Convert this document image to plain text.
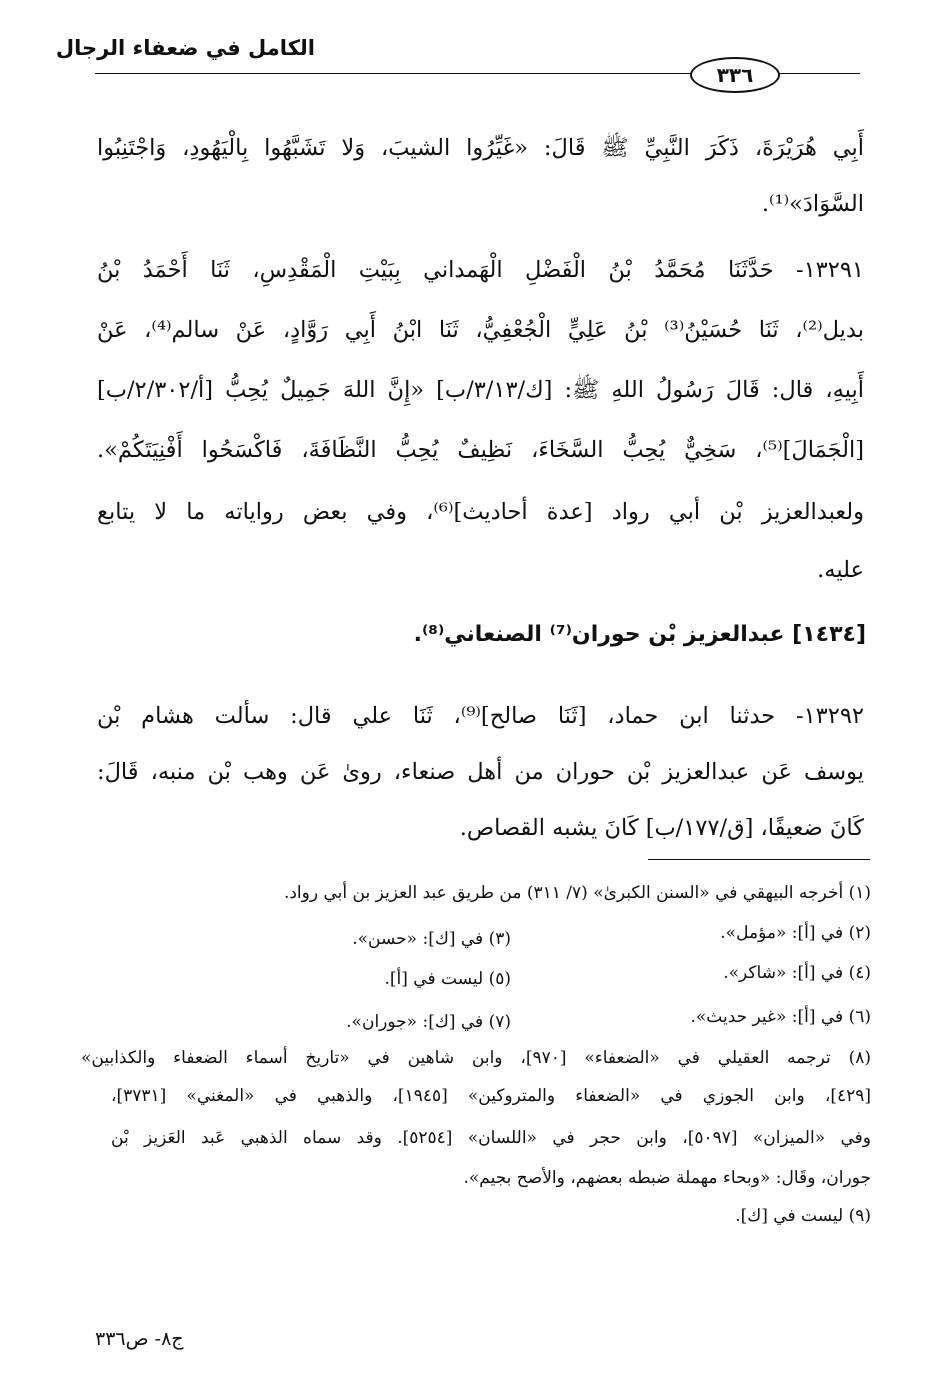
الكامل في ضعفاء الرجال
٣٣٦
أَبِي هُرَيْرَةَ، ذَكَرَ النَّبِيِّ ﷺ قَالَ: «غَيِّرُوا الشيبَ، وَلا تَشَبَّهُوا بِالْيَهُودِ، وَاجْتَنِبُوا
السَّوَادَ»⁽¹⁾.
١٣٢٩١- حَدَّثَنَا مُحَمَّدُ بْنُ الْفَضْلِ الْهَمداني بِبَيْتِ الْمَقْدِسِ، ثَنَا أَحْمَدُ بْنُ
بديل⁽²⁾، ثَنَا حُسَيْنُ⁽³⁾ بْنُ عَلِيٍّ الْجُعْفِيُّ، ثَنَا ابْنُ أَبِي رَوَّادٍ، عَنْ سالم⁽⁴⁾، عَنْ
أَبِيهِ، قال: قَالَ رَسُولُ اللهِ ﷺ: [ك/٣/١٣/ب] «إِنَّ اللهَ جَمِيلٌ يُحِبُّ [أ/٢/٣٠٢/ب]
[الْجَمَالَ]⁽⁵⁾، سَخِيٌّ يُحِبُّ السَّخَاءَ، نَظِيفٌ يُحِبُّ النَّظَافَةَ، فَاكْسَحُوا أَفْنِيَتَكُمْ».
ولعبدالعزيز بْن أبي رواد [عدة أحاديث]⁽⁶⁾، وفي بعض رواياته ما لا يتابع
عليه.
١٣٢٩٢- حدثنا ابن حماد، [ثَنَا صالح]⁽⁹⁾، ثَنَا علي قال: سألت هشام بْن
يوسف عَن عبدالعزيز بْن حوران من أهل صنعاء، روىٰ عَن وهب بْن منبه، قَالَ:
كَانَ ضعيفًا، [ق/١٧٧/ب] كَانَ يشبه القصاص.
[١٤٣٤] عبدالعزيز بْن حوران⁽⁷⁾ الصنعاني⁽⁸⁾.
(١) أخرجه البيهقي في «السنن الكبرىٰ» (٧/ ٣١١) من طريق عبد العزيز بن أبي رواد.
(٢) في [أ]: «مؤمل».
(٣) في [ك]: «حسن».
(٤) في [أ]: «شاكر».
(٥) ليست في [أ].
(٦) في [أ]: «غير حديث».
(٧) في [ك]: «جوران».
(٨) ترجمه العقيلي في «الضعفاء» [٩٧٠]، وابن شاهين في «تاريخ أسماء الضعفاء والكذابين»
[٤٢٩]، وابن الجوزي في «الضعفاء والمتروكين» [١٩٤٥]، والذهبي في «المغني» [٣٧٣١]،
وفي «الميزان» [٥٠٩٧]، وابن حجر في «اللسان» [٥٢٥٤]. وقد سماه الذهبي عَبد العَزيز بْن
جوران، وقَال: «وبحاء مهملة ضبطه بعضهم، والأصح بجيم».
(٩) ليست في [ك].
ج٨- ص٣٣٦
